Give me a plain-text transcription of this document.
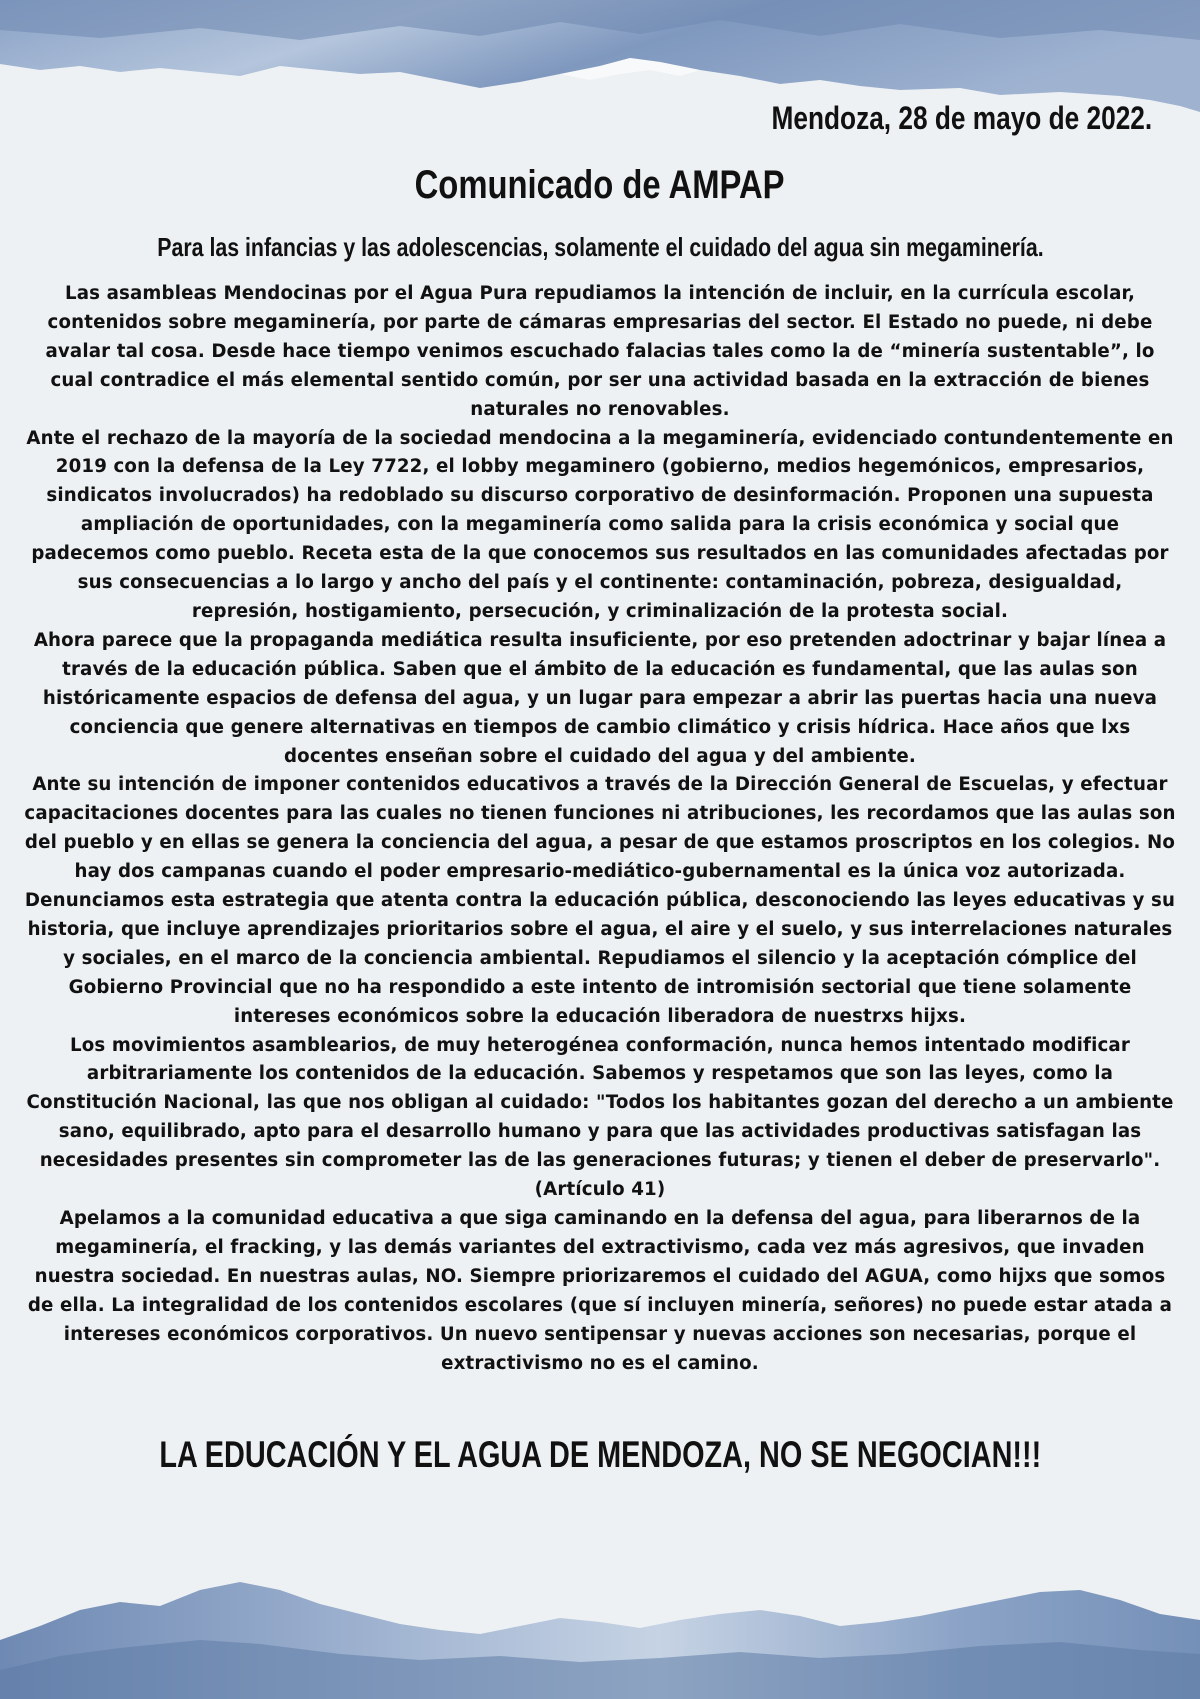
Mendoza, 28 de mayo de 2022.
Comunicado de AMPAP
Para las infancias y las adolescencias, solamente el cuidado del agua sin megaminería.

Las asambleas Mendocinas por el Agua Pura repudiamos la intención de incluir, en la currícula escolar, contenidos sobre megaminería, por parte de cámaras empresarias del sector. El Estado no puede, ni debe avalar tal cosa. Desde hace tiempo venimos escuchado falacias tales como la de “minería sustentable”, lo cual contradice el más elemental sentido común, por ser una actividad basada en la extracción de bienes naturales no renovables.

Ante el rechazo de la mayoría de la sociedad mendocina a la megaminería, evidenciado contundentemente en 2019 con la defensa de la Ley 7722, el lobby megaminero (gobierno, medios hegemónicos, empresarios, sindicatos involucrados) ha redoblado su discurso corporativo de desinformación. Proponen una supuesta ampliación de oportunidades, con la megaminería como salida para la crisis económica y social que padecemos como pueblo. Receta esta de la que conocemos sus resultados en las comunidades afectadas por sus consecuencias a lo largo y ancho del país y el continente: contaminación, pobreza, desigualdad, represión, hostigamiento, persecución, y criminalización de la protesta social.

Ahora parece que la propaganda mediática resulta insuficiente, por eso pretenden adoctrinar y bajar línea a través de la educación pública. Saben que el ámbito de la educación es fundamental, que las aulas son históricamente espacios de defensa del agua, y un lugar para empezar a abrir las puertas hacia una nueva conciencia que genere alternativas en tiempos de cambio climático y crisis hídrica. Hace años que lxs docentes enseñan sobre el cuidado del agua y del ambiente.

Ante su intención de imponer contenidos educativos a través de la Dirección General de Escuelas, y efectuar capacitaciones docentes para las cuales no tienen funciones ni atribuciones, les recordamos que las aulas son del pueblo y en ellas se genera la conciencia del agua, a pesar de que estamos proscriptos en los colegios. No hay dos campanas cuando el poder empresario-mediático-gubernamental es la única voz autorizada.

Denunciamos esta estrategia que atenta contra la educación pública, desconociendo las leyes educativas y su historia, que incluye aprendizajes prioritarios sobre el agua, el aire y el suelo, y sus interrelaciones naturales y sociales, en el marco de la conciencia ambiental. Repudiamos el silencio y la aceptación cómplice del Gobierno Provincial que no ha respondido a este intento de intromisión sectorial que tiene solamente intereses económicos sobre la educación liberadora de nuestrxs hijxs.

Los movimientos asamblearios, de muy heterogénea conformación, nunca hemos intentado modificar arbitrariamente los contenidos de la educación. Sabemos y respetamos que son las leyes, como la Constitución Nacional, las que nos obligan al cuidado: "Todos los habitantes gozan del derecho a un ambiente sano, equilibrado, apto para el desarrollo humano y para que las actividades productivas satisfagan las necesidades presentes sin comprometer las de las generaciones futuras; y tienen el deber de preservarlo". (Artículo 41)

Apelamos a la comunidad educativa a que siga caminando en la defensa del agua, para liberarnos de la megaminería, el fracking, y las demás variantes del extractivismo, cada vez más agresivos, que invaden nuestra sociedad. En nuestras aulas, NO. Siempre priorizaremos el cuidado del AGUA, como hijxs que somos de ella. La integralidad de los contenidos escolares (que sí incluyen minería, señores) no puede estar atada a intereses económicos corporativos. Un nuevo sentipensar y nuevas acciones son necesarias, porque el extractivismo no es el camino.

LA EDUCACIÓN Y EL AGUA DE MENDOZA, NO SE NEGOCIAN!!!
